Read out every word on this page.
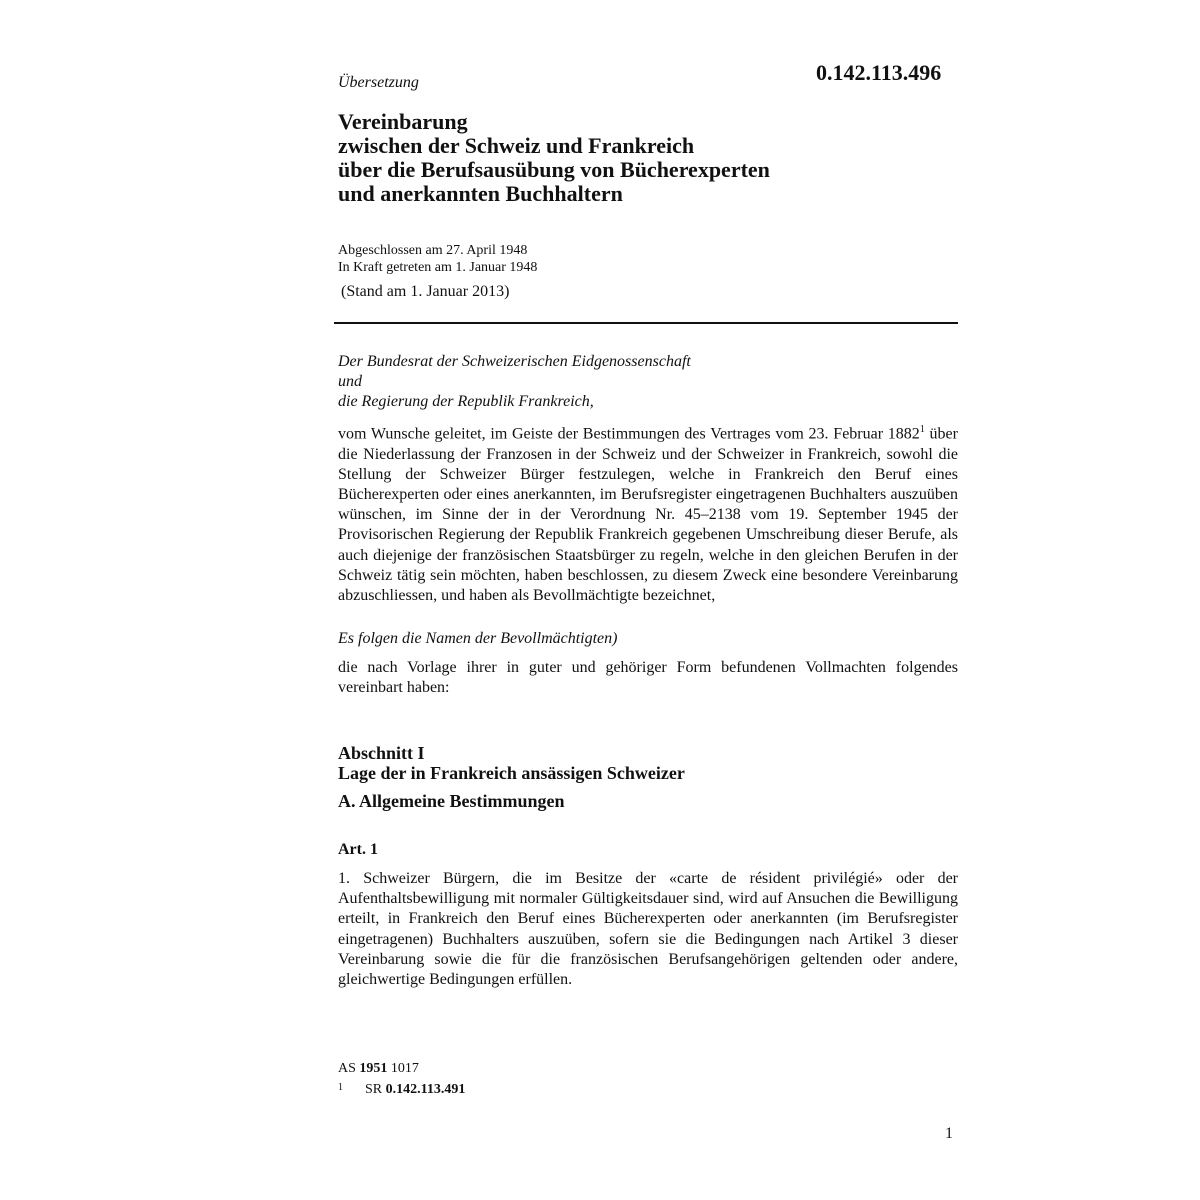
Übersetzung	0.142.113.496
Vereinbarung
zwischen der Schweiz und Frankreich
über die Berufsausübung von Bücherexperten
und anerkannten Buchhaltern
Abgeschlossen am 27. April 1948
In Kraft getreten am 1. Januar 1948
(Stand am 1. Januar 2013)
Der Bundesrat der Schweizerischen Eidgenossenschaft
und
die Regierung der Republik Frankreich,
vom Wunsche geleitet, im Geiste der Bestimmungen des Vertrages vom 23. Februar 1882$^1$ über die Niederlassung der Franzosen in der Schweiz und der Schweizer in Frankreich, sowohl die Stellung der Schweizer Bürger festzulegen, welche in Frankreich den Beruf eines Bücherexperten oder eines anerkannten, im Berufsregister eingetragenen Buchhalters auszuüben wünschen, im Sinne der in der Verordnung Nr. 45–2138 vom 19. September 1945 der Provisorischen Regierung der Republik Frankreich gegebenen Umschreibung dieser Berufe, als auch diejenige der französischen Staatsbürger zu regeln, welche in den gleichen Berufen in der Schweiz tätig sein möchten, haben beschlossen, zu diesem Zweck eine besondere Vereinbarung abzuschliessen, und haben als Bevollmächtigte bezeichnet,
Es folgen die Namen der Bevollmächtigten)
die nach Vorlage ihrer in guter und gehöriger Form befundenen Vollmachten folgendes vereinbart haben:
Abschnitt I
Lage der in Frankreich ansässigen Schweizer
A. Allgemeine Bestimmungen
Art. 1
1. Schweizer Bürgern, die im Besitze der «carte de résident privilégié» oder der Aufenthaltsbewilligung mit normaler Gültigkeitsdauer sind, wird auf Ansuchen die Bewilligung erteilt, in Frankreich den Beruf eines Bücherexperten oder anerkannten (im Berufsregister eingetragenen) Buchhalters auszuüben, sofern sie die Bedingungen nach Artikel 3 dieser Vereinbarung sowie die für die französischen Berufsangehörigen geltenden oder andere, gleichwertige Bedingungen erfüllen.
AS 1951 1017
$^1$ SR 0.142.113.491
1
